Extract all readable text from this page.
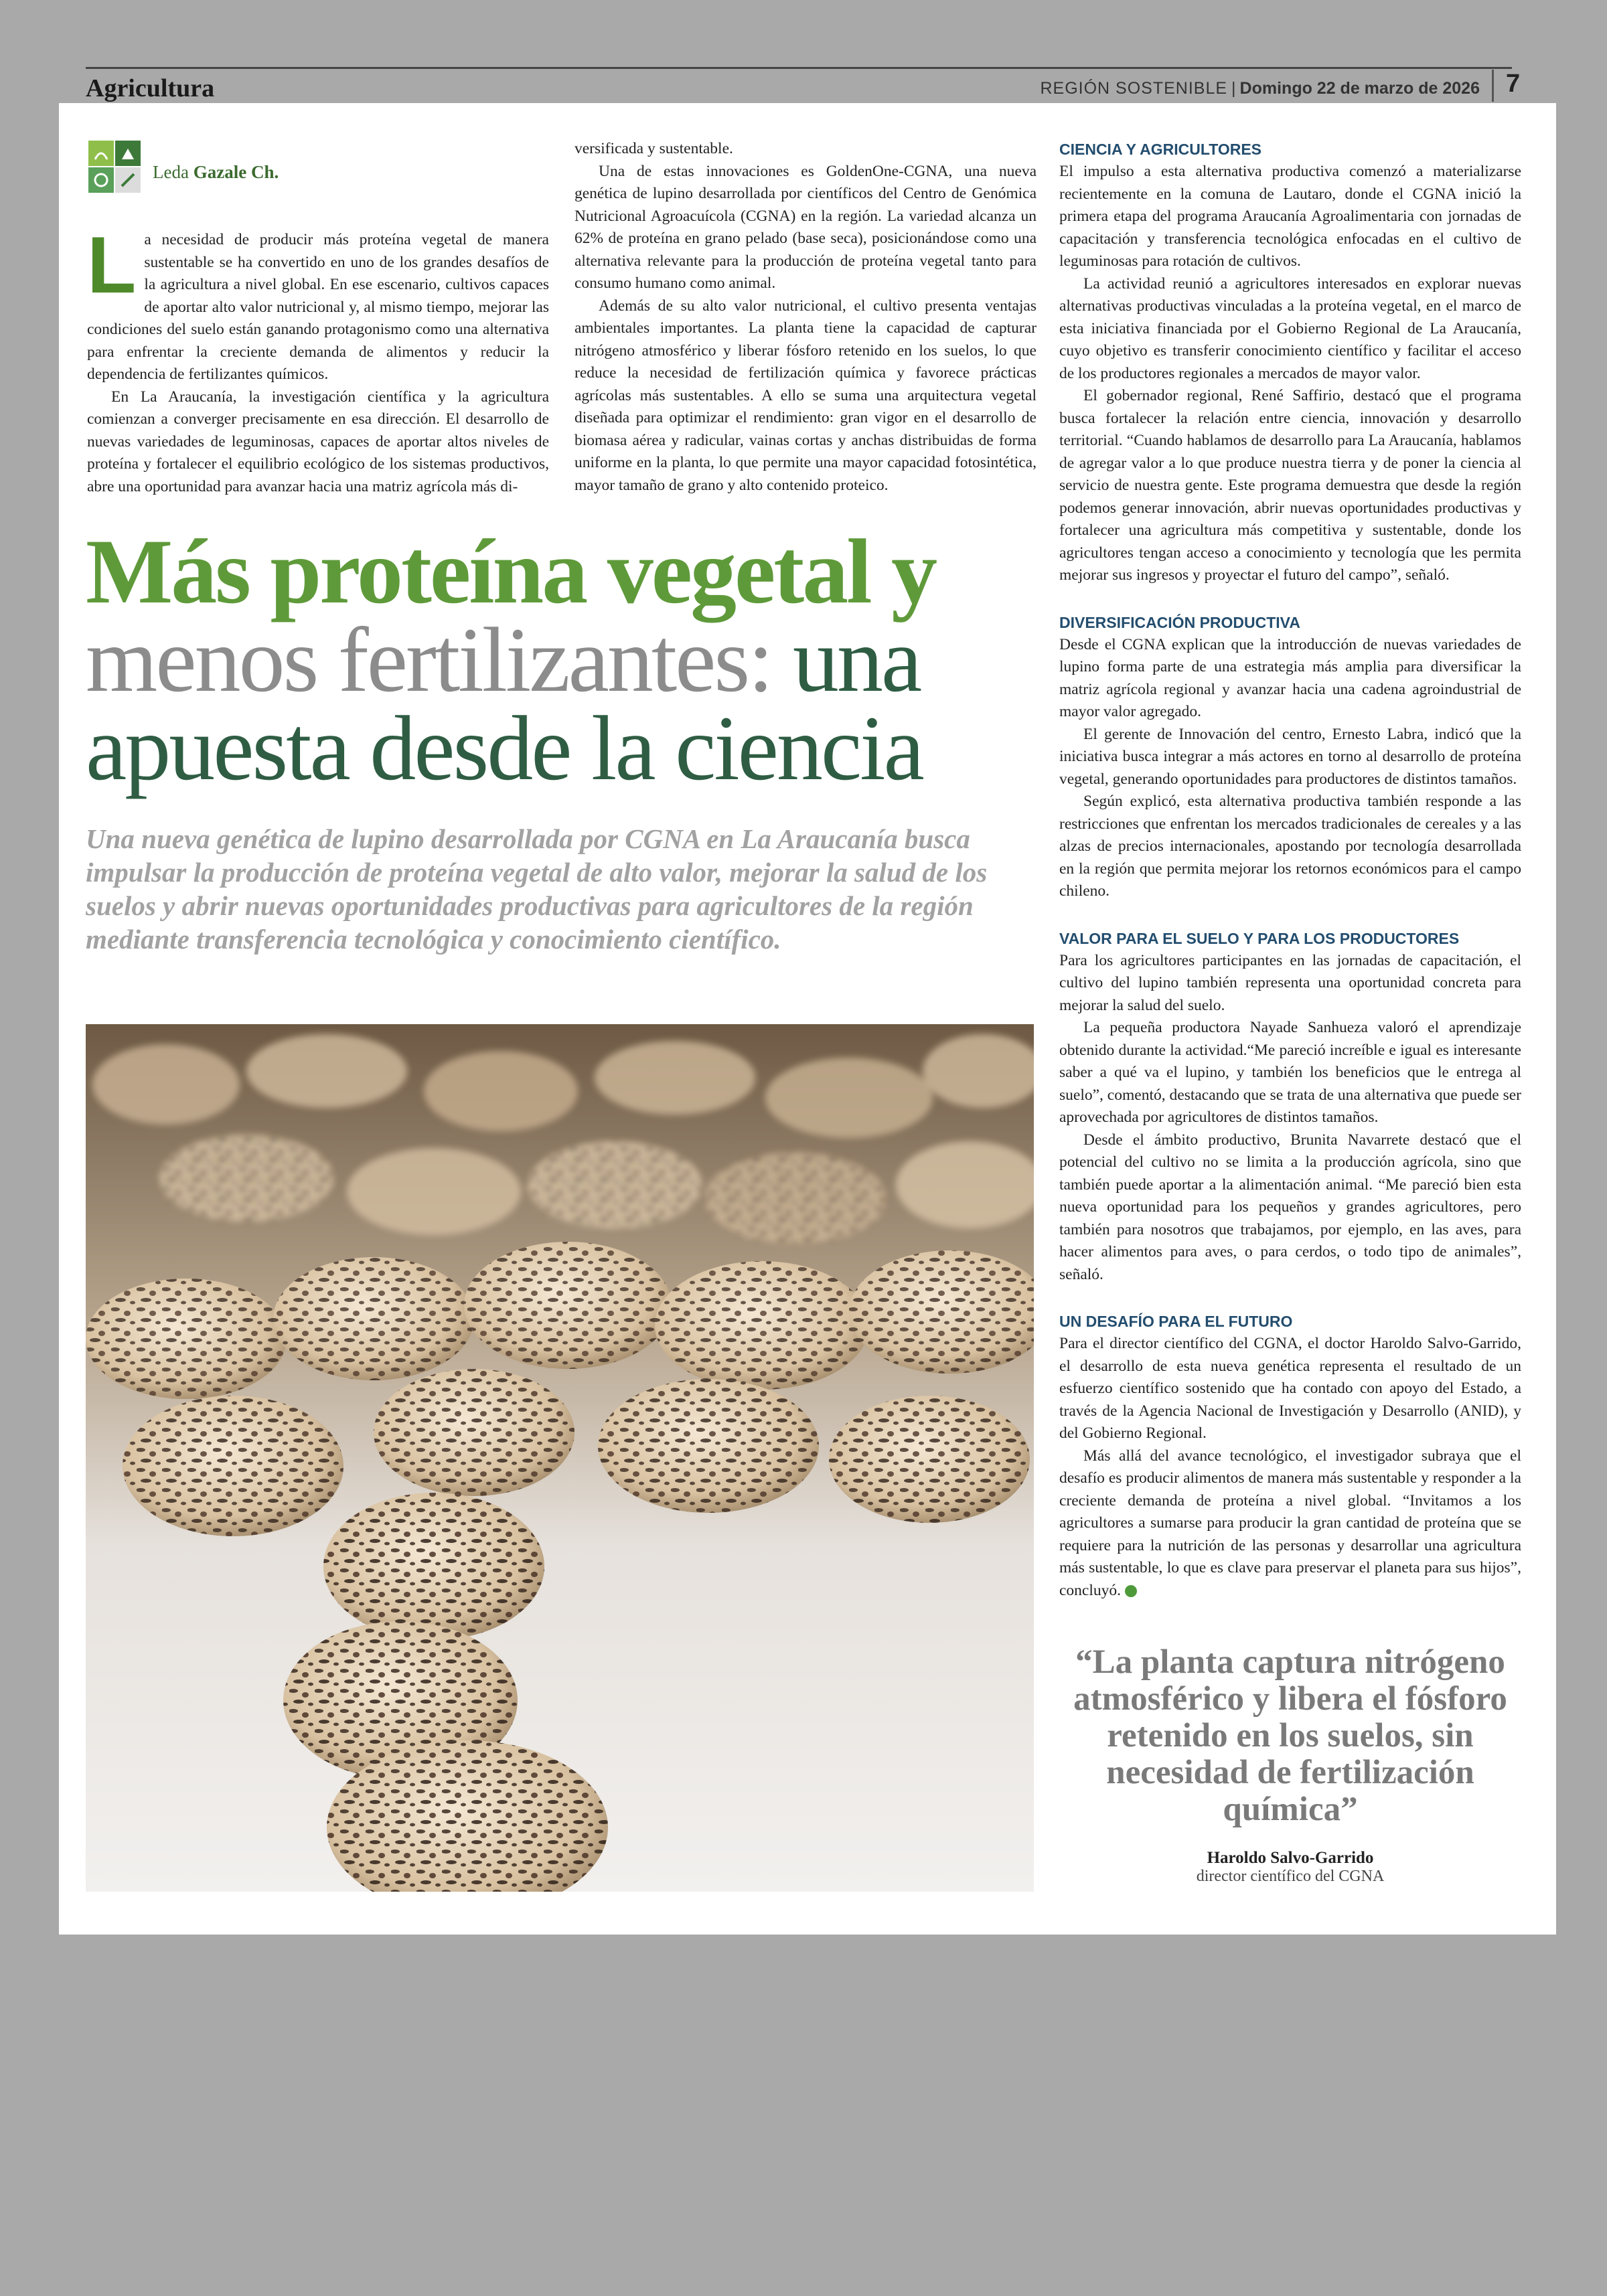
Agricultura	REGIÓN SOSTENIBLE | Domingo 22 de marzo de 2026	7
Leda Gazale Ch.
L a necesidad de producir más proteína vegetal de manera sustentable se ha convertido en uno de los grandes desafíos de la agricultura a nivel global. En ese escenario, cultivos capaces de aportar alto valor nutricional y, al mismo tiempo, mejorar las condiciones del suelo están ganando protagonismo como una alternativa para enfrentar la creciente demanda de alimentos y reducir la dependencia de fertilizantes químicos.

En La Araucanía, la investigación científica y la agricultura comienzan a converger precisamente en esa dirección. El desarrollo de nuevas variedades de leguminosas, capaces de aportar altos niveles de proteína y fortalecer el equilibrio ecológico de los sistemas productivos, abre una oportunidad para avanzar hacia una matriz agrícola más di-

versificada y sustentable.

Una de estas innovaciones es GoldenOne-CGNA, una nueva genética de lupino desarrollada por científicos del Centro de Genómica Nutricional Agroacuícola (CGNA) en la región. La variedad alcanza un 62% de proteína en grano pelado (base seca), posicionándose como una alternativa relevante para la producción de proteína vegetal tanto para consumo humano como animal.

Además de su alto valor nutricional, el cultivo presenta ventajas ambientales importantes. La planta tiene la capacidad de capturar nitrógeno atmosférico y liberar fósforo retenido en los suelos, lo que reduce la necesidad de fertilización química y favorece prácticas agrícolas más sustentables. A ello se suma una arquitectura vegetal diseñada para optimizar el rendimiento: gran vigor en el desarrollo de biomasa aérea y radicular, vainas cortas y anchas distribuidas de forma uniforme en la planta, lo que permite una mayor capacidad fotosintética, mayor tamaño de grano y alto contenido proteico.

Más proteína vegetal y
menos fertilizantes: una
apuesta desde la ciencia
Una nueva genética de lupino desarrollada por CGNA en La Araucanía busca impulsar la producción de proteína vegetal de alto valor, mejorar la salud de los suelos y abrir nuevas oportunidades productivas para agricultores de la región mediante transferencia tecnológica y conocimiento científico.
CIENCIA Y AGRICULTORES

El impulso a esta alternativa productiva comenzó a materializarse recientemente en la comuna de Lautaro, donde el CGNA inició la primera etapa del programa Araucanía Agroalimentaria con jornadas de capacitación y transferencia tecnológica enfocadas en el cultivo de leguminosas para rotación de cultivos.

La actividad reunió a agricultores interesados en explorar nuevas alternativas productivas vinculadas a la proteína vegetal, en el marco de esta iniciativa financiada por el Gobierno Regional de La Araucanía, cuyo objetivo es transferir conocimiento científico y facilitar el acceso de los productores regionales a mercados de mayor valor.

El gobernador regional, René Saffirio, destacó que el programa busca fortalecer la relación entre ciencia, innovación y desarrollo territorial. “Cuando hablamos de desarrollo para La Araucanía, hablamos de agregar valor a lo que produce nuestra tierra y de poner la ciencia al servicio de nuestra gente. Este programa demuestra que desde la región podemos generar innovación, abrir nuevas oportunidades productivas y fortalecer una agricultura más competitiva y sustentable, donde los agricultores tengan acceso a conocimiento y tecnología que les permita mejorar sus ingresos y proyectar el futuro del campo”, señaló.

DIVERSIFICACIÓN PRODUCTIVA

Desde el CGNA explican que la introducción de nuevas variedades de lupino forma parte de una estrategia más amplia para diversificar la matriz agrícola regional y avanzar hacia una cadena agroindustrial de mayor valor agregado.

El gerente de Innovación del centro, Ernesto Labra, indicó que la iniciativa busca integrar a más actores en torno al desarrollo de proteína vegetal, generando oportunidades para productores de distintos tamaños.

Según explicó, esta alternativa productiva también responde a las restricciones que enfrentan los mercados tradicionales de cereales y a las alzas de precios internacionales, apostando por tecnología desarrollada en la región que permita mejorar los retornos económicos para el campo chileno.

VALOR PARA EL SUELO Y PARA LOS PRODUCTORES

Para los agricultores participantes en las jornadas de capacitación, el cultivo del lupino también representa una oportunidad concreta para mejorar la salud del suelo.

La pequeña productora Nayade Sanhueza valoró el aprendizaje obtenido durante la actividad.“Me pareció increíble e igual es interesante saber a qué va el lupino, y también los beneficios que le entrega al suelo”, comentó, destacando que se trata de una alternativa que puede ser aprovechada por agricultores de distintos tamaños.

Desde el ámbito productivo, Brunita Navarrete destacó que el potencial del cultivo no se limita a la producción agrícola, sino que también puede aportar a la alimentación animal. “Me pareció bien esta nueva oportunidad para los pequeños y grandes agricultores, pero también para nosotros que trabajamos, por ejemplo, en las aves, para hacer alimentos para aves, o para cerdos, o todo tipo de animales”, señaló.

UN DESAFÍO PARA EL FUTURO

Para el director científico del CGNA, el doctor Haroldo Salvo-Garrido, el desarrollo de esta nueva genética representa el resultado de un esfuerzo científico sostenido que ha contado con apoyo del Estado, a través de la Agencia Nacional de Investigación y Desarrollo (ANID), y del Gobierno Regional.

Más allá del avance tecnológico, el investigador subraya que el desafío es producir alimentos de manera más sustentable y responder a la creciente demanda de proteína a nivel global. “Invitamos a los agricultores a sumarse para producir la gran cantidad de proteína que se requiere para la nutrición de las personas y desarrollar una agricultura más sustentable, lo que es clave para preservar el planeta para sus hijos”, concluyó.

“La planta captura nitrógeno atmosférico y libera el fósforo retenido en los suelos, sin necesidad de fertilización química”
Haroldo Salvo-Garrido
director científico del CGNA
